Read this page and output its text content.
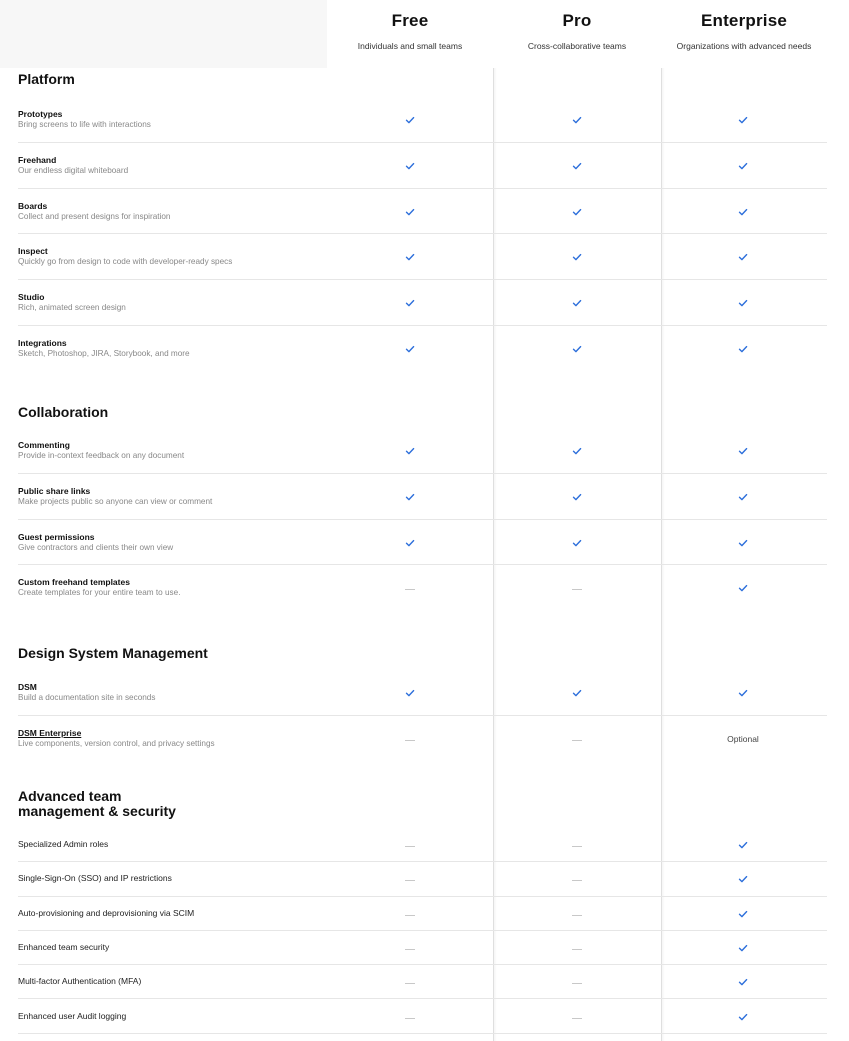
Free
Individuals and small teams
Pro
Cross-collaborative teams
Enterprise
Organizations with advanced needs
Platform
Prototypes
Bring screens to life with interactions
Freehand
Our endless digital whiteboard
Boards
Collect and present designs for inspiration
Inspect
Quickly go from design to code with developer-ready specs
Studio
Rich, animated screen design
Integrations
Sketch, Photoshop, JIRA, Storybook, and more
Collaboration
Commenting
Provide in-context feedback on any document
Public share links
Make projects public so anyone can view or comment
Guest permissions
Give contractors and clients their own view
Custom freehand templates
Create templates for your entire team to use.
Design System Management
DSM
Build a documentation site in seconds
DSM Enterprise
Live components, version control, and privacy settings	Optional
Advanced team
management & security
Specialized Admin roles
Single-Sign-On (SSO) and IP restrictions
Auto-provisioning and deprovisioning via SCIM
Enhanced team security
Multi-factor Authentication (MFA)
Enhanced user Audit logging
